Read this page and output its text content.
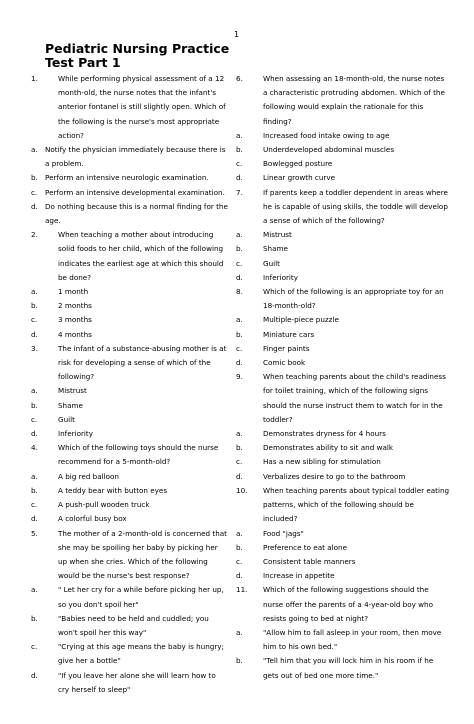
1
Pediatric Nursing Practice Test Part 1
1.	While performing physical assessment of a 12 month-old, the nurse notes that the infant's anterior fontanel is still slightly open. Which of the following is the nurse's most appropriate action?
a.	Notify the physician immediately because there is a problem.
b. Perform an intensive neurologic examination.
c.	Perform an intensive developmental examination.
d. Do nothing because this is a normal finding for the age.
2.	When teaching a mother about introducing solid foods to her child, which of the following indicates the earliest age at which this should be done?
a.	1 month
b.	2 months
c.	3 months
d.	4 months
3.	The infant of a substance-abusing mother is at risk for developing a sense of which of the following?
a.	Mistrust
b.	Shame
c.	Guilt
d.	Inferiority
4.	Which of the following toys should the nurse recommend for a 5-month-old?
a.	A big red balloon
b.	A teddy bear with button eyes
c.	A push-pull wooden truck
d.	A colorful busy box
5.	The mother of a 2-month-old is concerned that she may be spoiling her baby by picking her up when she cries. Which of the following would be the nurse's best response?
a.	" Let her cry for a while before picking her up, so you don't spoil her"
b.	"Babies need to be held and cuddled; you won't spoil her this way"
c.	"Crying at this age means the baby is hungry; give her a bottle"
d.	"If you leave her alone she will learn how to cry herself to sleep"
6.	When assessing an 18-month-old, the nurse notes a characteristic protruding abdomen. Which of the following would explain the rationale for this finding?
a.	Increased food intake owing to age
b.	Underdeveloped abdominal muscles
c.	Bowlegged posture
d.	Linear growth curve
7.	If parents keep a toddler dependent in areas where he is capable of using skills, the toddle will develop a sense of which of the following?
a.	Mistrust
b.	Shame
c.	Guilt
d.	Inferiority
8.	Which of the following is an appropriate toy for an 18-month-old?
a.	Multiple-piece puzzle
b.	Miniature cars
c.	Finger paints
d.	Comic book
9.	When teaching parents about the child's readiness for toilet training, which of the following signs should the nurse instruct them to watch for in the toddler?
a.	Demonstrates dryness for 4 hours
b.	Demonstrates ability to sit and walk
c.	Has a new sibling for stimulation
d.	Verbalizes desire to go to the bathroom
10.	When teaching parents about typical toddler eating patterns, which of the following should be included?
a.	Food "jags"
b.	Preference to eat alone
c.	Consistent table manners
d.	Increase in appetite
11.	Which of the following suggestions should the nurse offer the parents of a 4-year-old boy who resists going to bed at night?
a.	"Allow him to fall asleep in your room, then move him to his own bed."
b.	"Tell him that you will lock him in his room if he gets out of bed one more time."
